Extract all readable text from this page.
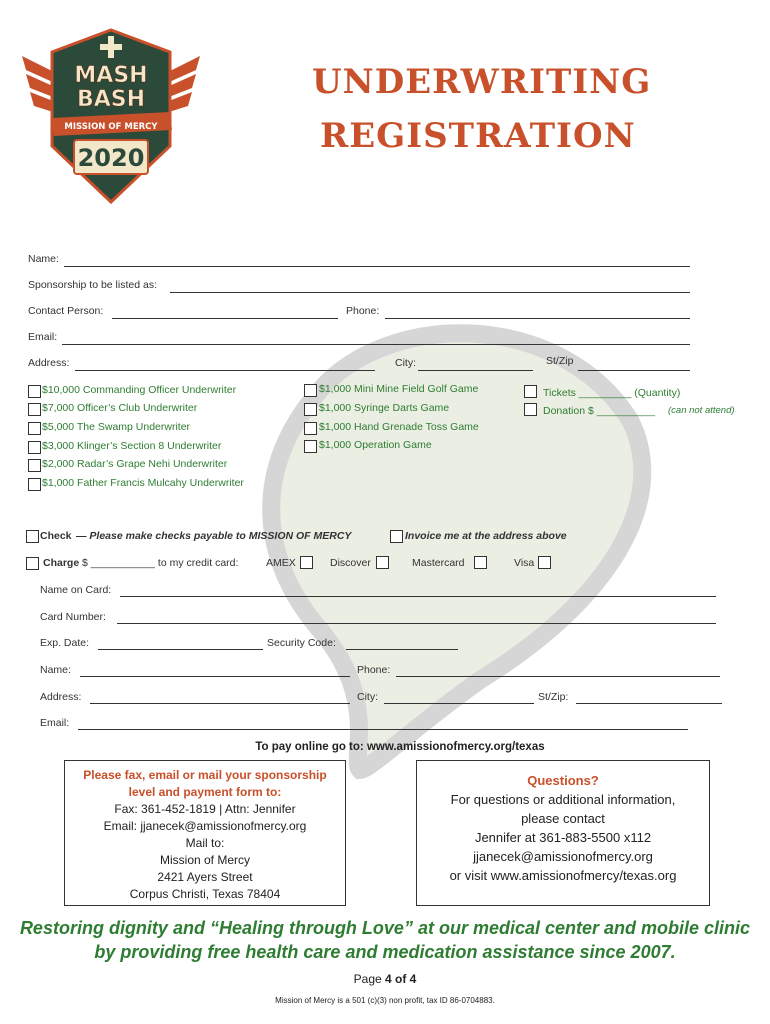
MASH
BASH
MISSION OF MERCY
2020
UNDERWRITING
REGISTRATION
Name:
Sponsorship to be listed as:
Contact Person:	Phone:
Email:
Address:	City:	St/Zip
$10,000 Commanding Officer Underwriter
$7,000 Officer’s Club Underwriter
$5,000 The Swamp Underwriter
$3,000 Klinger’s Section 8 Underwriter
$2,000 Radar’s Grape Nehi Underwriter
$1,000 Father Francis Mulcahy Underwriter
$1,000 Mini Mine Field Golf Game
$1,000 Syringe Darts Game
$1,000 Hand Grenade Toss Game
$1,000 Operation Game
Tickets _________ (Quantity)
Donation $ __________ (can not attend)
Check — Please make checks payable to MISSION OF MERCY	Invoice me at the address above
Charge $ ___________ to my credit card:	AMEX	Discover	Mastercard	Visa
Name on Card:
Card Number:
Exp. Date:	Security Code:
Name:	Phone:
Address:	City:	St/Zip:
Email:
To pay online go to: www.amissionofmercy.org/texas
Please fax, email or mail your sponsorship
level and payment form to:
Fax: 361-452-1819 | Attn: Jennifer
Email: jjanecek@amissionofmercy.org
Mail to:
Mission of Mercy
2421 Ayers Street
Corpus Christi, Texas 78404
Questions?
For questions or additional information,
please contact
Jennifer at 361-883-5500 x112
jjanecek@amissionofmercy.org
or visit www.amissionofmercy/texas.org
Restoring dignity and “Healing through Love” at our medical center and mobile clinic
by providing free health care and medication assistance since 2007.
Page 4 of 4
Mission of Mercy is a 501 (c)(3) non profit, tax ID 86-0704883.
